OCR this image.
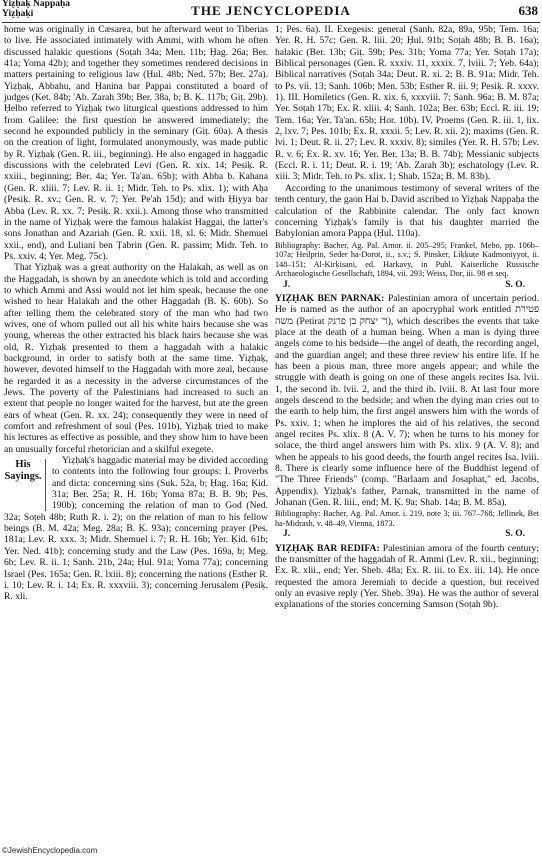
Yiẓḥaḳ Nappaḥa
Yiẓḥaḳi	THE JENCYCLOPEDIA	638

home was originally in Cæsarea, but he afterward went to Tiberias to live. He associated intimately with Ammi, with whom he often discussed halakic questions (Soṭah 34a; Men. 11b; Ḥag. 26a; Ber. 41a; Yoma 42b); and together they sometimes rendered decisions in matters pertaining to religious law (Ḥul. 48b; Ned. 57b; Ber. 27a). Yiẓḥaḳ, Abbahu, and Ḥanina bar Pappai constituted a board of judges (Ket. 84b; 'Ab. Zarah 39b; Ber. 38a, b; B. Ḳ. 117b; Giṭ. 29b). Ḥelbo referred to Yiẓḥaḳ two liturgical questions addressed to him from Galilee: the first question he answered immediately; the second he expounded publicly in the seminary (Giṭ. 60a). A thesis on the creation of light, formulated anonymously, was made public by R. Yiẓḥaḳ (Gen. R. iii., beginning). He also engaged in haggadic discussions with the celebrated Levi (Gen. R. xix. 14; Pesiḳ. R. xxiii., beginning; Ber. 4a; Yer. Ta'an. 65b); with Abba b. Kahana (Gen. R. xliii. 7; Lev. R. ii. 1; Midr. Teh. to Ps. xlix. 1); with Aḥa (Pesiḳ. R. xv.; Gen. R. v. 7; Yer. Pe'ah 15d); and with Ḥiyya bar Abba (Lev. R. xx. 7; Pesiḳ. R. xxii.). Among those who transmitted in the name of Yiẓḥaḳ were the famous halakist Haggai, the latter's sons Jonathan and Azariah (Gen. R. xxii. 18, xl. 6; Midr. Shemuel xxii., end), and Luliani ben Ṭabrin (Gen. R. passim; Midr. Teh. to Ps. xxiv. 4; Yer. Meg. 75c).

That Yiẓḥaḳ was a great authority on the Halakah, as well as on the Haggadah, is shown by an anecdote which is told and according to which Ammi and Assi would not let him speak, because the one wished to hear Halakah and the other Haggadah (B. Ḳ. 60b). So after telling them the celebrated story of the man who had two wives, one of whom pulled out all his white hairs because she was young, whereas the other extracted his black hairs because she was old, R. Yiẓḥaḳ presented to them a haggadah with a halakic background, in order to satisfy both at the same time. Yiẓḥaḳ, however, devoted himself to the Haggadah with more zeal, because he regarded it as a necessity in the adverse circumstances of the Jews. The poverty of the Palestinians had increased to such an extent that people no longer waited for the harvest, but ate the green ears of wheat (Gen. R. xx. 24); consequently they were in need of comfort and refreshment of soul (Pes. 101b). Yiẓḥaḳ tried to make his lectures as effective as possible, and they show him to have been an unusually forceful rhetorician and a skilful exegete.

His
Sayings.
Yiẓḥaḳ's haggadic material may be divided according to contents into the following four groups: I. Proverbs and dicta: concerning sins (Suk. 52a, b; Ḥag. 16a; Ḳid. 31a; Ber. 25a; R. H. 16b; Yoma 87a; B. B. 9b; Pes. 190b); concerning the relation of man to God (Ned. 32a; Soṭeh 48b; Ruth R. i. 2); on the relation of man to his fellow beings (B. M. 42a; Meg. 28a; B. Ḳ. 93a); concerning prayer (Pes. 181a; Lev. R. xxx. 3; Midr. Shemuel i. 7; R. H. 16b; Yer. Ḳid. 61b; Yer. Ned. 41b); concerning study and the Law (Pes. 169a, b; Meg. 6b; Lev. R. ii. 1; Sanh. 21b, 24a; Ḥul. 91a; Yoma 77a); concerning Israel (Pes. 165a; Gen. R. lxiii. 8); concerning the nations (Esther R. i. 10; Lev. R. i. 14; Ex. R. xxxviii. 3); concerning Jerusalem (Pesiḳ. R. xli.

1; Pes. 6a). II. Exegesis: general (Sanh. 82a, 89a, 95b; Tem. 16a; Yer. R. H. 57c; Gen. R. liii. 20; Ḥul. 91b; Soṭah 48b; B. B. 16a); halakic (Ber. 13b; Giṭ. 59b; Pes. 31b; Yoma 77a; Yer. Soṭah 17a); Biblical personages (Gen. R. xxxiv. 11, xxxix. 7, lviii. 7; Yeb. 64a); Biblical narratives (Soṭah 34a; Deut. R. xi. 2; B. B. 91a; Midr. Teh. to Ps. vii. 13; Sanh. 106b; Men. 53b; Esther R. iii. 9; Pesiḳ. R. xxxv. 1). III. Homiletics (Gen. R. xix. 6, xxxviii. 7; Sanh. 96a; B. M. 87a; Yer. Soṭah 17b; Ex. R. xliii. 4; Sanh. 102a; Ber. 63b; Eccl. R. iii. 19; Tem. 16a; Yer. Ta'an. 65b; Hor. 10b). IV. Proems (Gen. R. iii. 1, lix. 2, lxv. 7; Pes. 101b; Ex. R. xxxii. 5; Lev. R. xii. 2); maxims (Gen. R. lvi. 1; Deut. R. ii. 27; Lev. R. xxxiv. 8); similes (Yer. R. H. 57b; Lev. R. v. 6; Ex. R. xv. 16; Yer. Ber. 13a; B. B. 74b); Messianic subjects (Eccl. R. i. 11; Deut. R. i. 19; 'Ab. Zarah 3b); eschatology (Lev. R. xiii. 3; Midr. Teh. to Ps. xlix. 1; Shab. 152a; B. M. 83b).

According to the unanimous testimony of several writers of the tenth century, the gaon Hai b. David ascribed to Yiẓḥaḳ Nappaḥa the calculation of the Rabbinite calendar. The only fact known concerning Yiẓḥaḳ's family is that his daughter married the Babylonian amora Pappa (Ḥul. 110a).

Bibliography: Bacher, Ag. Pal. Amor. ii. 205–295; Frankel, Mebo, pp. 106b–107a; Heilprin, Seder ha-Dorot, ii., s.v.; S. Pinsker, Liḳḳuṭe Ḳadmoniyyot, ii. 148–151; Al-Kirḳisani, ed. Harkavy, in Publ. Kaiserliche Russische Archaeologische Gesellschaft, 1894, vii. 293; Weiss, Dor, iii. 98 et seq.

J.	S. O.

YIẒḤAḲ BEN PARNAK: Palestinian amora of uncertain period. He is named as the author of an apocryphal work entitled פטירת משה (Petirat ר' יצחק בן פרנק), which describes the events that take place at the death of a human being. When a man is dying three angels come to his bedside—the angel of death, the recording angel, and the guardian angel; and these three review his entire life. If he has been a pious man, three more angels appear; and while the struggle with death is going on one of these angels recites Isa. lvii. 1, the second ib. lvii. 2, and the third ib. lviii. 8. At last four more angels descend to the bedside; and when the dying man cries out to the earth to help him, the first angel answers him with the words of Ps. xxiv. 1; when he implores the aid of his relatives, the second angel recites Ps. xlix. 8 (A. V. 7); when he turns to his money for solace, the third angel answers him with Ps. xlix. 9 (A. V. 8); and when he appeals to his good deeds, the fourth angel recites Isa. lviii. 8. There is clearly some influence here of the Buddhist legend of "The Three Friends" (comp. "Barlaam and Josaphat," ed. Jacobs, Appendix). Yiẓḥaḳ's father, Parnak, transmitted in the name of Johanan (Gen. R. liii., end; M. Ḳ. 9a; Shab. 14a; B. M. 85a).

Bibliography: Bacher, Ag. Pal. Amor. i. 219, note 3; iii. 767–768; Jellinek, Bet ha-Midrash, v. 48–49, Vienna, 1873.

J.	S. O.

YIẒḤAḲ BAR REDIFA: Palestinian amora of the fourth century; the transmitter of the haggadah of R. Ammi (Lev. R. xii., beginning; Ex. R. xlii., end; Yer. Sheb. 48a; Ex. R. iii. to Ex. iii. 14). He once requested the amora Jeremiah to decide a question, but received only an evasive reply (Yer. Sheb. 39a). He was the author of several explanations of the stories concerning Samson (Soṭah 9b).

©JewishEncyclopedia.com
